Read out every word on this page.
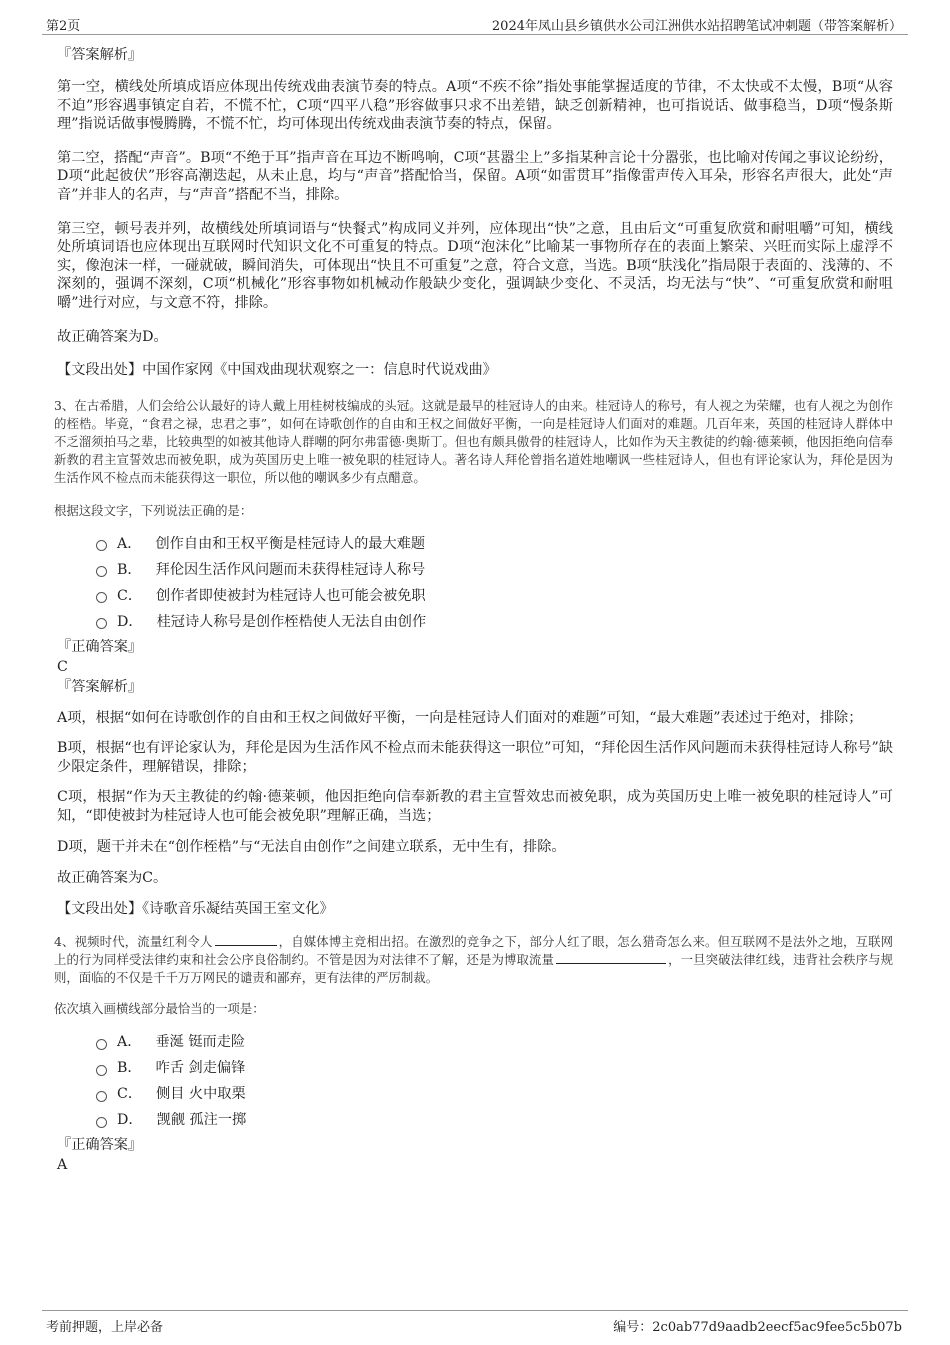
第2页	2024年凤山县乡镇供水公司江洲供水站招聘笔试冲刺题（带答案解析）

『答案解析』

第一空，横线处所填成语应体现出传统戏曲表演节奏的特点。A项“不疾不徐”指处事能掌握适度的节律，不太快或不太慢，B项“从容不迫”形容遇事镇定自若，不慌不忙，C项“四平八稳”形容做事只求不出差错，缺乏创新精神，也可指说话、做事稳当，D项“慢条斯理”指说话做事慢腾腾，不慌不忙，均可体现出传统戏曲表演节奏的特点，保留。

第二空，搭配“声音”。B项“不绝于耳”指声音在耳边不断鸣响，C项“甚嚣尘上”多指某种言论十分嚣张，也比喻对传闻之事议论纷纷，D项“此起彼伏”形容高潮迭起，从未止息，均与“声音”搭配恰当，保留。A项“如雷贯耳”指像雷声传入耳朵，形容名声很大，此处“声音”并非人的名声，与“声音”搭配不当，排除。

第三空，顿号表并列，故横线处所填词语与“快餐式”构成同义并列，应体现出“快”之意，且由后文“可重复欣赏和耐咀嚼”可知，横线处所填词语也应体现出互联网时代知识文化不可重复的特点。D项“泡沫化”比喻某一事物所存在的表面上繁荣、兴旺而实际上虚浮不实，像泡沫一样，一碰就破，瞬间消失，可体现出“快且不可重复”之意，符合文意，当选。B项“肤浅化”指局限于表面的、浅薄的、不深刻的，强调不深刻，C项“机械化”形容事物如机械动作般缺少变化，强调缺少变化、不灵活，均无法与“快”、“可重复欣赏和耐咀嚼”进行对应，与文意不符，排除。

故正确答案为D。

【文段出处】中国作家网《中国戏曲现状观察之一：信息时代说戏曲》

3、在古希腊，人们会给公认最好的诗人戴上用桂树枝编成的头冠。这就是最早的桂冠诗人的由来。桂冠诗人的称号，有人视之为荣耀，也有人视之为创作的桎梏。毕竟，“食君之禄，忠君之事”，如何在诗歌创作的自由和王权之间做好平衡，一向是桂冠诗人们面对的难题。几百年来，英国的桂冠诗人群体中不乏溜须拍马之辈，比较典型的如被其他诗人群嘲的阿尔弗雷德·奥斯丁。但也有颇具傲骨的桂冠诗人，比如作为天主教徒的约翰·德莱顿，他因拒绝向信奉新教的君主宣誓效忠而被免职，成为英国历史上唯一被免职的桂冠诗人。著名诗人拜伦曾指名道姓地嘲讽一些桂冠诗人，但也有评论家认为，拜伦是因为生活作风不检点而未能获得这一职位，所以他的嘲讽多少有点醋意。

根据这段文字，下列说法正确的是：

A． 创作自由和王权平衡是桂冠诗人的最大难题
B． 拜伦因生活作风问题而未获得桂冠诗人称号
C． 创作者即使被封为桂冠诗人也可能会被免职
D． 桂冠诗人称号是创作桎梏使人无法自由创作

『正确答案』

C

『答案解析』

A项，根据“如何在诗歌创作的自由和王权之间做好平衡，一向是桂冠诗人们面对的难题”可知，“最大难题”表述过于绝对，排除；

B项，根据“也有评论家认为，拜伦是因为生活作风不检点而未能获得这一职位”可知，“拜伦因生活作风问题而未获得桂冠诗人称号”缺少限定条件，理解错误，排除；

C项，根据“作为天主教徒的约翰·德莱顿，他因拒绝向信奉新教的君主宣誓效忠而被免职，成为英国历史上唯一被免职的桂冠诗人”可知，“即使被封为桂冠诗人也可能会被免职”理解正确，当选；

D项，题干并未在“创作桎梏”与“无法自由创作”之间建立联系，无中生有，排除。

故正确答案为C。

【文段出处】《诗歌音乐凝结英国王室文化》

4、视频时代，流量红利令人	，自媒体博主竞相出招。在激烈的竞争之下，部分人红了眼，怎么猎奇怎么来。但互联网不是法外之地，互联网上的行为同样受法律约束和社会公序良俗制约。不管是因为对法律不了解，还是为博取流量	，一旦突破法律红线，违背社会秩序与规则，面临的不仅是千千万万网民的谴责和鄙弃，更有法律的严厉制裁。

依次填入画横线部分最恰当的一项是：

A． 垂涎 铤而走险
B． 咋舌 剑走偏锋
C． 侧目 火中取栗
D． 觊觎 孤注一掷

『正确答案』

A

考前押题，上岸必备	编号：2c0ab77d9aadb2eecf5ac9fee5c5b07b
